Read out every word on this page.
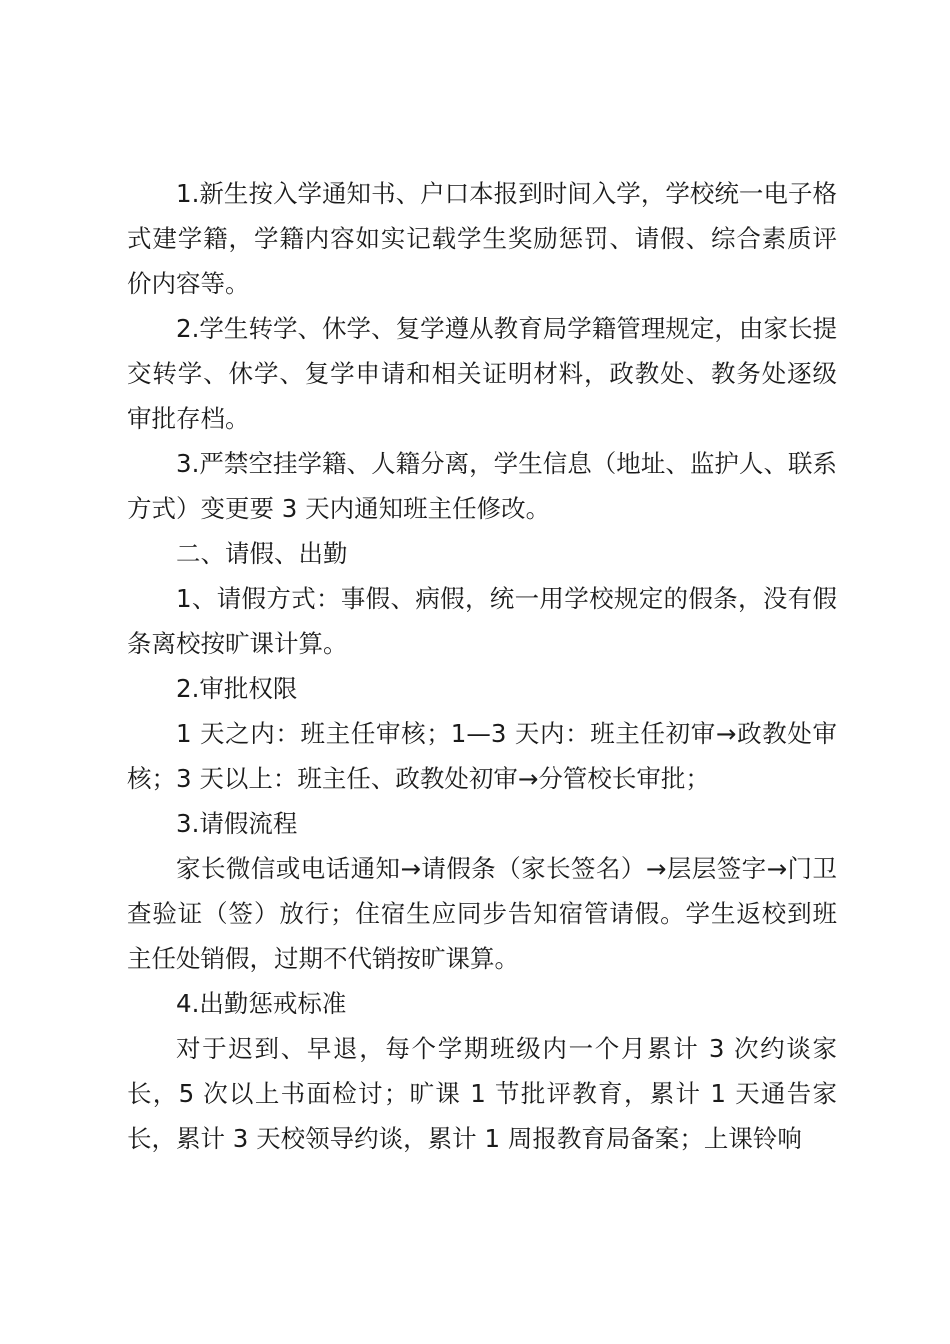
1.新生按入学通知书、户口本报到时间入学，学校统一电子格式建学籍，学籍内容如实记载学生奖励惩罚、请假、综合素质评价内容等。

2.学生转学、休学、复学遵从教育局学籍管理规定，由家长提交转学、休学、复学申请和相关证明材料，政教处、教务处逐级审批存档。

3.严禁空挂学籍、人籍分离，学生信息（地址、监护人、联系方式）变更要 3 天内通知班主任修改。

二、请假、出勤

1、请假方式：事假、病假，统一用学校规定的假条，没有假条离校按旷课计算。

2.审批权限

1 天之内：班主任审核；1—3 天内：班主任初审→政教处审核；3 天以上：班主任、政教处初审→分管校长审批；

3.请假流程

家长微信或电话通知→请假条（家长签名）→层层签字→门卫查验证（签）放行；住宿生应同步告知宿管请假。学生返校到班主任处销假，过期不代销按旷课算。

4.出勤惩戒标准

对于迟到、早退，每个学期班级内一个月累计 3 次约谈家长，5 次以上书面检讨；旷课 1 节批评教育，累计 1 天通告家长，累计 3 天校领导约谈，累计 1 周报教育局备案；上课铃响
